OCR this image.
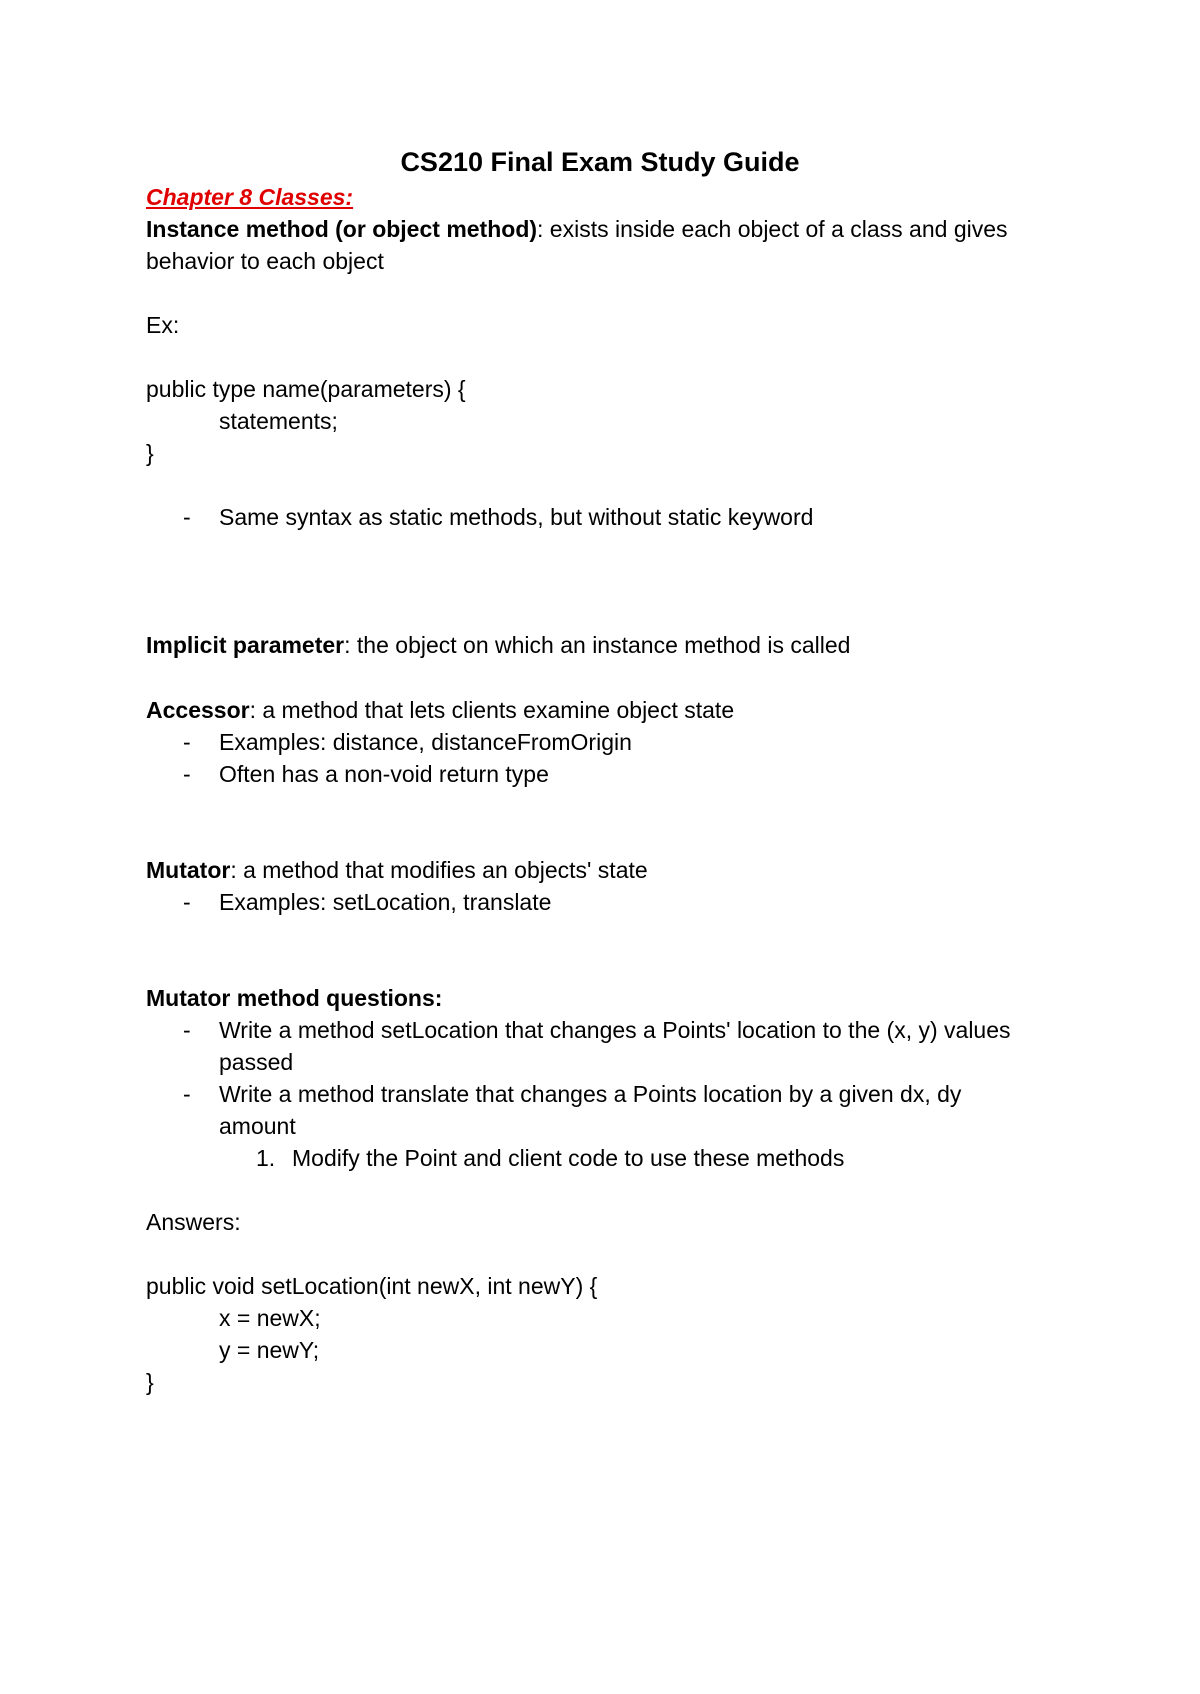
CS210 Final Exam Study Guide
Chapter 8 Classes:
Instance method (or object method): exists inside each object of a class and gives
behavior to each object
Ex:
public type name(parameters) {
statements;
}
- Same syntax as static methods, but without static keyword
Implicit parameter: the object on which an instance method is called
Accessor: a method that lets clients examine object state
- Examples: distance, distanceFromOrigin
- Often has a non-void return type
Mutator: a method that modifies an objects' state
- Examples: setLocation, translate
Mutator method questions:
- Write a method setLocation that changes a Points' location to the (x, y) values
passed
- Write a method translate that changes a Points location by a given dx, dy
amount
1. Modify the Point and client code to use these methods
Answers:
public void setLocation(int newX, int newY) {
x = newX;
y = newY;
}
